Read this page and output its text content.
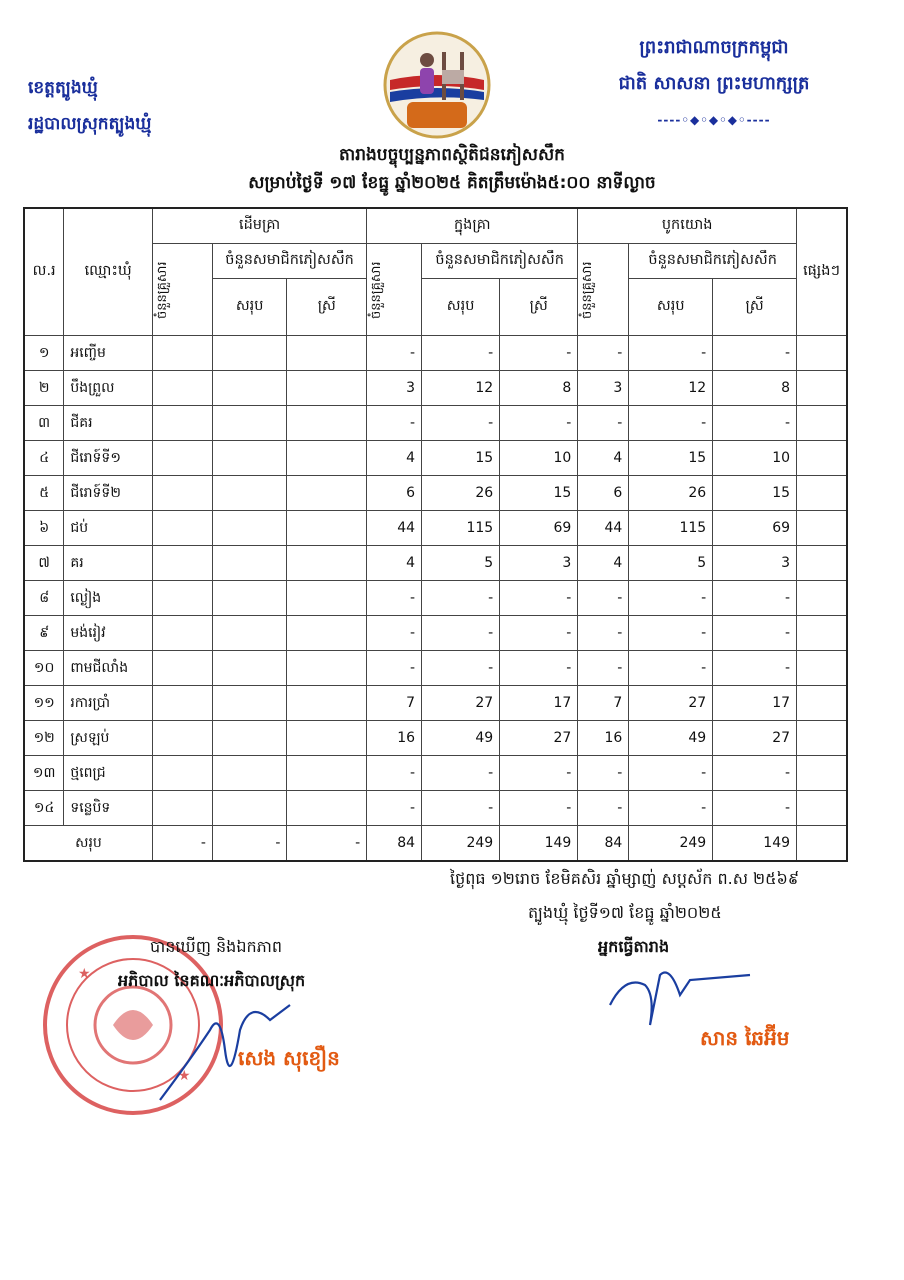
ខេត្តត្បូងឃ្មុំ
រដ្ឋបាលស្រុកត្បូងឃ្មុំ
ព្រះរាជាណាចក្រកម្ពុជា
ជាតិ សាសនា ព្រះមហាក្សត្រ
----◦◆◦◆◦◆◦----
តារាងបច្ចុប្បន្នភាពស្ថិតិជនភៀសសឹក
សម្រាប់ថ្ងៃទី ១៧ ខែធ្នូ ឆ្នាំ២០២៥ គិតត្រឹមម៉ោង៥:០០ នាទីល្ងាច
ល.រ	ឈ្មោះឃុំ	ដើមគ្រា			ក្នុងគ្រា			បូកយោង			ផ្សេងៗ

		ចំនួនគ្រួសារ	ចំនួនសមាជិកភៀសសឹក		ចំនួនគ្រួសារ	ចំនួនសមាជិកភៀសសឹក		ចំនួនគ្រួសារ	ចំនួនសមាជិកភៀសសឹក		
			សរុប	ស្រី		សរុប	ស្រី		សរុប	ស្រី	
១	អញ្ចើម				-	-	-	-	-	-	
២	បឹងព្រួល				3	12	8	3	12	8	
៣	ជីគរ				-	-	-	-	-	-	
៤	ជីរោទ៍ទី១				4	15	10	4	15	10	
៥	ជីរោទ៍ទី២				6	26	15	6	26	15	
៦	ជប់				44	115	69	44	115	69	
៧	គរ				4	5	3	4	5	3	
៨	ល្ងៀង				-	-	-	-	-	-	
៩	មង់រៀវ				-	-	-	-	-	-	
១០	ពាមជីលាំង				-	-	-	-	-	-	
១១	រការប្រាំ				7	27	17	7	27	17	
១២	ស្រឡប់				16	49	27	16	49	27	
១៣	ថ្មពេជ្រ				-	-	-	-	-	-	
១៤	ទន្លេបិទ				-	-	-	-	-	-	
សរុប		-	-	-	84	249	149	84	249	149	
ថ្ងៃពុធ ១២រោច ខែមិគសិរ ឆ្នាំម្សាញ់ សប្តស័ក ព.ស ២៥៦៩
ត្បូងឃ្មុំ ថ្ងៃទី១៧ ខែធ្នូ ឆ្នាំ២០២៥
អ្នកធ្វើតារាង
★
★
បានឃើញ និងឯកភាព
អភិបាល នៃគណៈអភិបាលស្រុក
សេង សុខឿន
សាន ឆៃអ៊ីម
